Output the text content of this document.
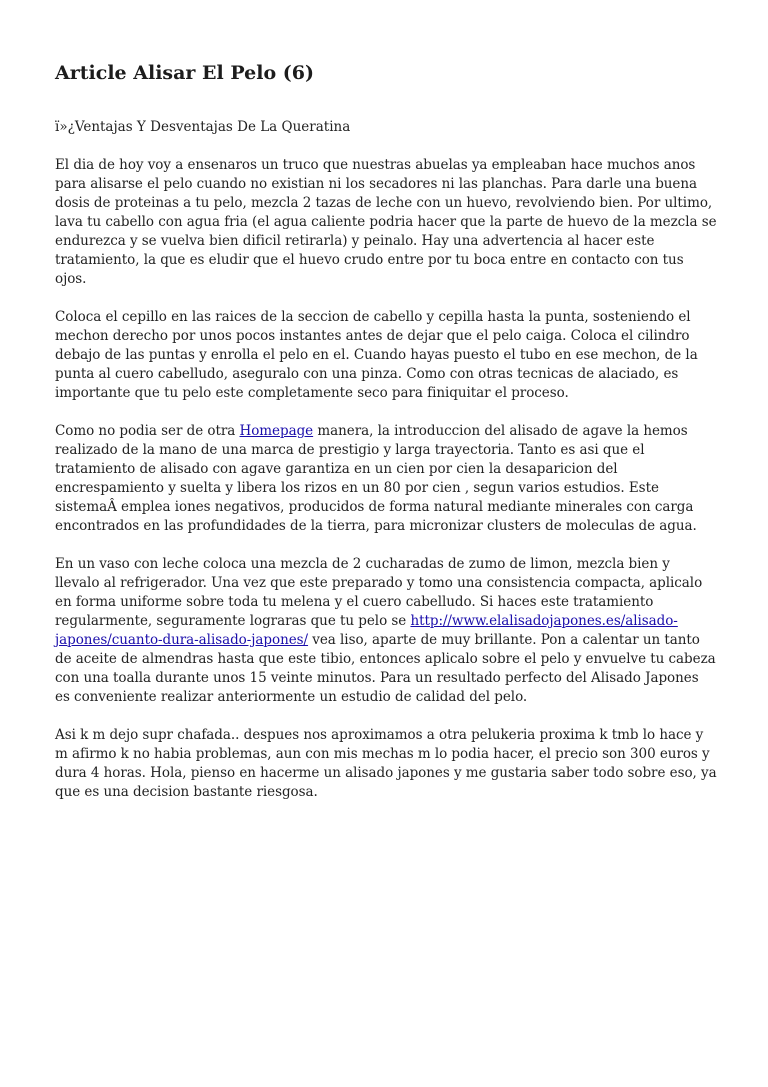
Article Alisar El Pelo (6)
ï»¿Ventajas Y Desventajas De La Queratina

El dia de hoy voy a ensenaros un truco que nuestras abuelas ya empleaban hace muchos anos para alisarse el pelo cuando no existian ni los secadores ni las planchas. Para darle una buena dosis de proteinas a tu pelo, mezcla 2 tazas de leche con un huevo, revolviendo bien. Por ultimo, lava tu cabello con agua fria (el agua caliente podria hacer que la parte de huevo de la mezcla se endurezca y se vuelva bien dificil retirarla) y peinalo. Hay una advertencia al hacer este tratamiento, la que es eludir que el huevo crudo entre por tu boca entre en contacto con tus ojos.

Coloca el cepillo en las raices de la seccion de cabello y cepilla hasta la punta, sosteniendo el mechon derecho por unos pocos instantes antes de dejar que el pelo caiga. Coloca el cilindro debajo de las puntas y enrolla el pelo en el. Cuando hayas puesto el tubo en ese mechon, de la punta al cuero cabelludo, aseguralo con una pinza. Como con otras tecnicas de alaciado, es importante que tu pelo este completamente seco para finiquitar el proceso.

Como no podia ser de otra Homepage manera, la introduccion del alisado de agave la hemos realizado de la mano de una marca de prestigio y larga trayectoria. Tanto es asi que el tratamiento de alisado con agave garantiza en un cien por cien la desaparicion del encrespamiento y suelta y libera los rizos en un 80 por cien , segun varios estudios. Este sistemaÂ emplea iones negativos, producidos de forma natural mediante minerales con carga encontrados en las profundidades de la tierra, para micronizar clusters de moleculas de agua.

En un vaso con leche coloca una mezcla de 2 cucharadas de zumo de limon, mezcla bien y llevalo al refrigerador. Una vez que este preparado y tomo una consistencia compacta, aplicalo en forma uniforme sobre toda tu melena y el cuero cabelludo. Si haces este tratamiento regularmente, seguramente lograras que tu pelo se http://www.elalisadojapones.es/alisado-japones/cuanto-dura-alisado-japones/ vea liso, aparte de muy brillante. Pon a calentar un tanto de aceite de almendras hasta que este tibio, entonces aplicalo sobre el pelo y envuelve tu cabeza con una toalla durante unos 15 veinte minutos. Para un resultado perfecto del Alisado Japones es conveniente realizar anteriormente un estudio de calidad del pelo.

Asi k m dejo supr chafada.. despues nos aproximamos a otra pelukeria proxima k tmb lo hace y m afirmo k no habia problemas, aun con mis mechas m lo podia hacer, el precio son 300 euros y dura 4 horas. Hola, pienso en hacerme un alisado japones y me gustaria saber todo sobre eso, ya que es una decision bastante riesgosa.
